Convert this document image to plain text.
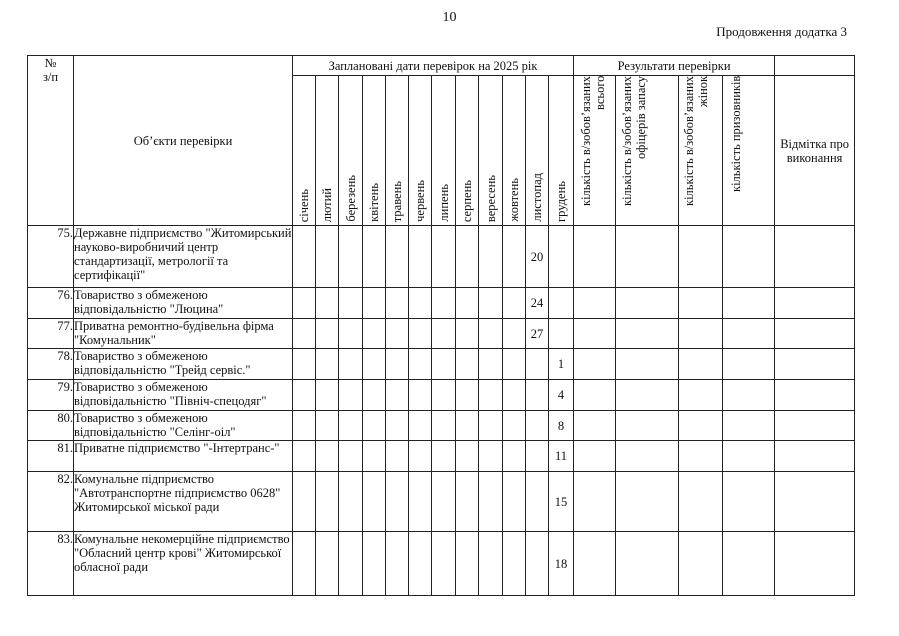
10
Продовження додатка 3
№
з/п	Об’єкти перевірки	Заплановані дати перевірок на 2025 рік												Результати перевірки				
		січень	лютий	березень	квітень	травень	червень	липень	серпень	вересень	жовтень	листопад	грудень	кількість в/зобов’язаних всього	кількість в/зобов’язаних офіцерів запасу	кількість в/зобов’язаних жінок	кількість призовників	Відмітка про виконання
75.	Державне підприємство "Житомирський науково-виробничий центр стандартизації, метрології та сертифікації"											20						
76.	Товариство з обмеженою відповідальністю "Люцина"											24						
77.	Приватна ремонтно-будівельна фірма "Комунальник"											27						
78.	Товариство з обмеженою відповідальністю "Трейд сервіс."												1					
79.	Товариство з обмеженою відповідальністю "Північ-спецодяг"												4					
80.	Товариство з обмеженою відповідальністю "Селінг-оіл"												8					
81.	Приватне підприємство "-Інтертранс-"												11					
82.	Комунальне підприємство "Автотранспортне підприємство 0628" Житомирської міської ради												15					
83.	Комунальне некомерційне підприємство "Обласний центр крові" Житомирської обласної ради												18					
